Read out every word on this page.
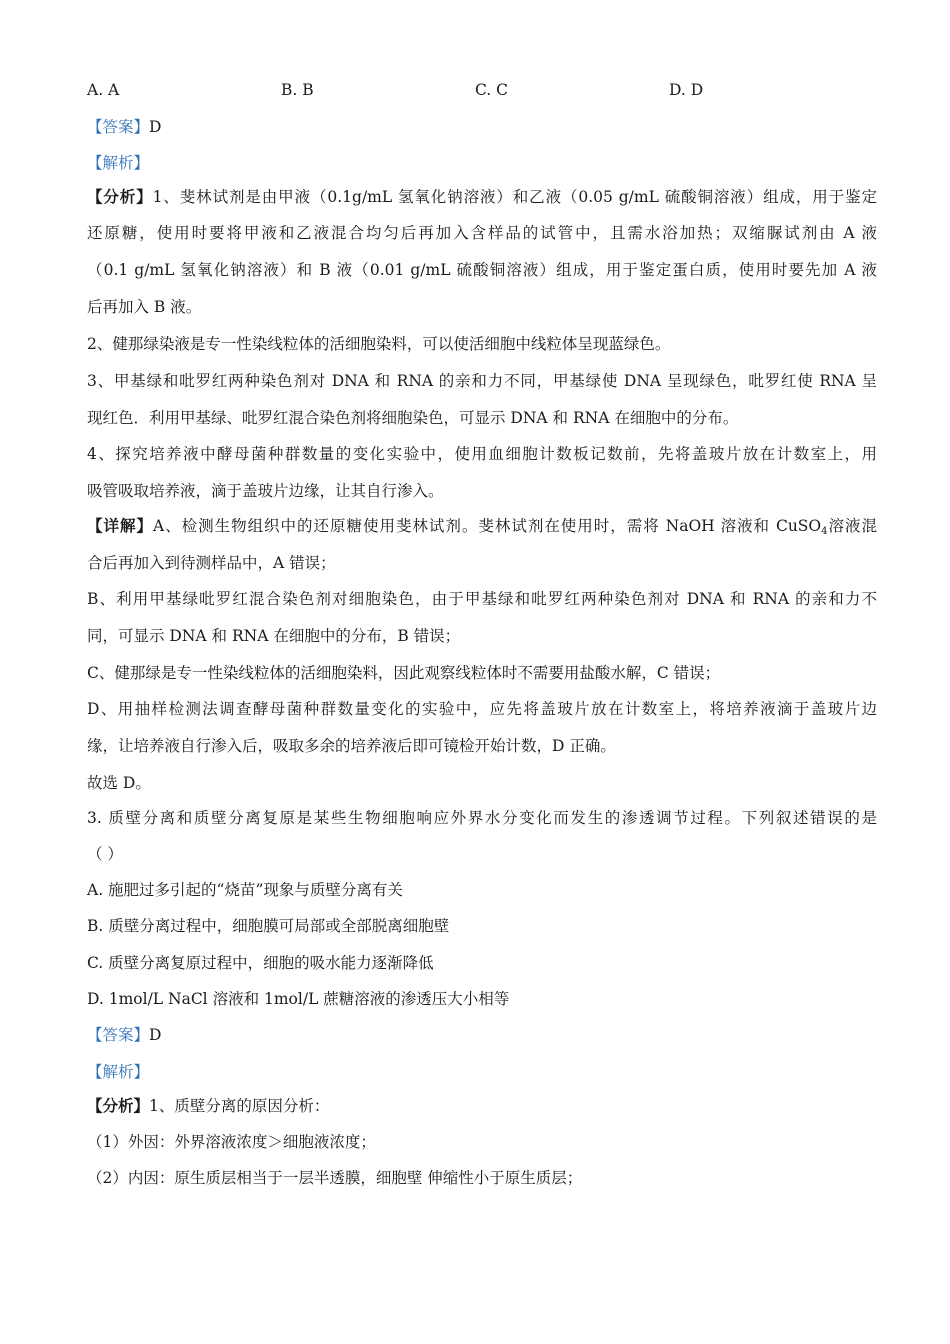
A. A	B. B	C. C	D. D
【答案】D
【解析】
【分析】1、斐林试剂是由甲液（0.1g/mL 氢氧化钠溶液）和乙液（0.05 g/mL 硫酸铜溶液）组成，用于鉴定
还原糖，使用时要将甲液和乙液混合均匀后再加入含样品的试管中，且需水浴加热；双缩脲试剂由 A 液
（0.1 g/mL 氢氧化钠溶液）和 B 液（0.01 g/mL 硫酸铜溶液）组成，用于鉴定蛋白质，使用时要先加 A 液
后再加入 B 液。
2、健那绿染液是专一性染线粒体的活细胞染料，可以使活细胞中线粒体呈现蓝绿色。
3、甲基绿和吡罗红两种染色剂对 DNA 和 RNA 的亲和力不同，甲基绿使 DNA 呈现绿色，吡罗红使 RNA 呈
现红色．利用甲基绿、吡罗红混合染色剂将细胞染色，可显示 DNA 和 RNA 在细胞中的分布。
4、探究培养液中酵母菌种群数量的变化实验中，使用血细胞计数板记数前，先将盖玻片放在计数室上，用
吸管吸取培养液，滴于盖玻片边缘，让其自行渗入。
【详解】A、检测生物组织中的还原糖使用斐林试剂。斐林试剂在使用时，需将 NaOH 溶液和 CuSO$_4$溶液混
合后再加入到待测样品中，A 错误；
B、利用甲基绿吡罗红混合染色剂对细胞染色，由于甲基绿和吡罗红两种染色剂对 DNA 和 RNA 的亲和力不
同，可显示 DNA 和 RNA 在细胞中的分布，B 错误；
C、健那绿是专一性染线粒体的活细胞染料，因此观察线粒体时不需要用盐酸水解，C 错误；
D、用抽样检测法调查酵母菌种群数量变化的实验中，应先将盖玻片放在计数室上，将培养液滴于盖玻片边
缘，让培养液自行渗入后，吸取多余的培养液后即可镜检开始计数，D 正确。
故选 D。
3. 质壁分离和质壁分离复原是某些生物细胞响应外界水分变化而发生的渗透调节过程。下列叙述错误的是
（ ）
A. 施肥过多引起的“烧苗”现象与质壁分离有关
B. 质壁分离过程中，细胞膜可局部或全部脱离细胞壁
C. 质壁分离复原过程中，细胞的吸水能力逐渐降低
D. 1mol/L NaCl 溶液和 1mol/L 蔗糖溶液的渗透压大小相等
【答案】D
【解析】
【分析】1、质壁分离的原因分析：
（1）外因：外界溶液浓度＞细胞液浓度；
（2）内因：原生质层相当于一层半透膜，细胞壁 伸缩性小于原生质层；
